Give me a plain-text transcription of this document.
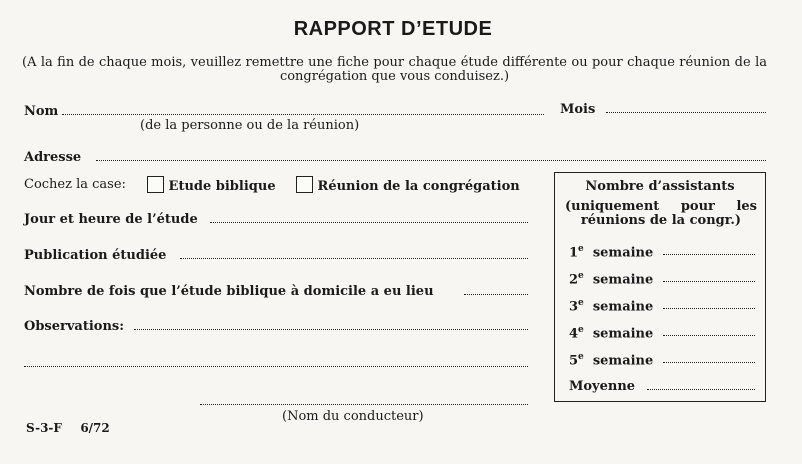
RAPPORT D’ETUDE
(A la fin de chaque mois, veuillez remettre une fiche pour chaque étude différente ou pour chaque réunion de la congrégation que vous conduisez.)
Nom
(de la personne ou de la réunion)
Mois
Adresse
Cochez la case:	Etude biblique	Réunion de la congrégation
Jour et heure de l’étude
Publication étudiée
Nombre de fois que l’étude biblique à domicile a eu lieu
Observations:
(Nom du conducteur)
S-3-F 6/72
Nombre d’assistants
(uniquement pour les réunions de la congr.)
1e semaine
2e semaine
3e semaine
4e semaine
5e semaine
Moyenne
